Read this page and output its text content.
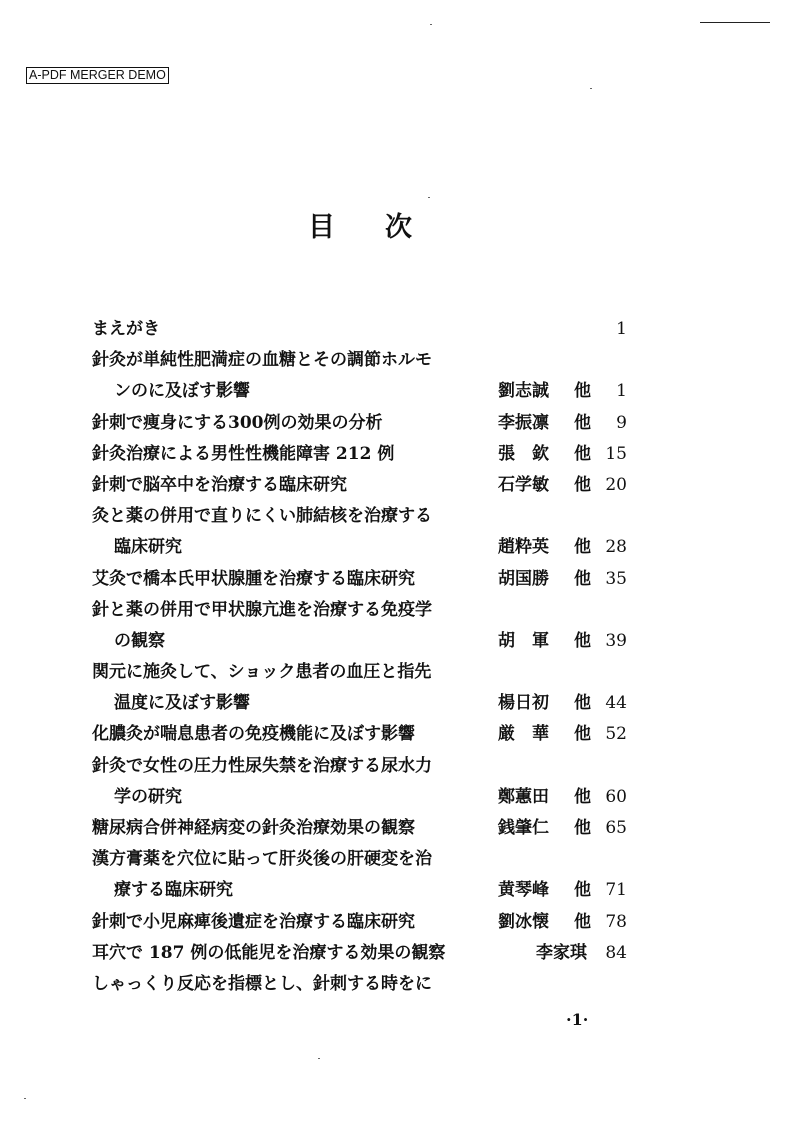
A-PDF MERGER DEMO
目 次
まえがき	1
針灸が単純性肥満症の血糖とその調節ホルモ
ンのに及ぼす影響	劉志誠 他	1
針刺で痩身にする300例の効果の分析	李振凛 他	9
針灸治療による男性性機能障害 212 例	張　欽 他 15
針刺で脳卒中を治療する臨床研究	石学敏 他 20
灸と薬の併用で直りにくい肺結核を治療する
臨床研究	趙粋英 他 28
艾灸で橋本氏甲状腺腫を治療する臨床研究	胡国勝 他 35
針と薬の併用で甲状腺亢進を治療する免疫学
の観察	胡　軍 他 39
関元に施灸して、ショック患者の血圧と指先
温度に及ぼす影響	楊日初 他 44
化膿灸が喘息患者の免疫機能に及ぼす影響	厳　華 他 52
針灸で女性の圧力性尿失禁を治療する尿水力
学の研究	鄭蕙田 他 60
糖尿病合併神経病変の針灸治療効果の観察	銭肇仁 他 65
漢方膏薬を穴位に貼って肝炎後の肝硬変を治
療する臨床研究	黄琴峰 他 71
針刺で小児麻痺後遺症を治療する臨床研究	劉冰懐 他 78
耳穴で 187 例の低能児を治療する効果の観察	李家琪	84
しゃっくり反応を指標とし、針刺する時をに
·1·
